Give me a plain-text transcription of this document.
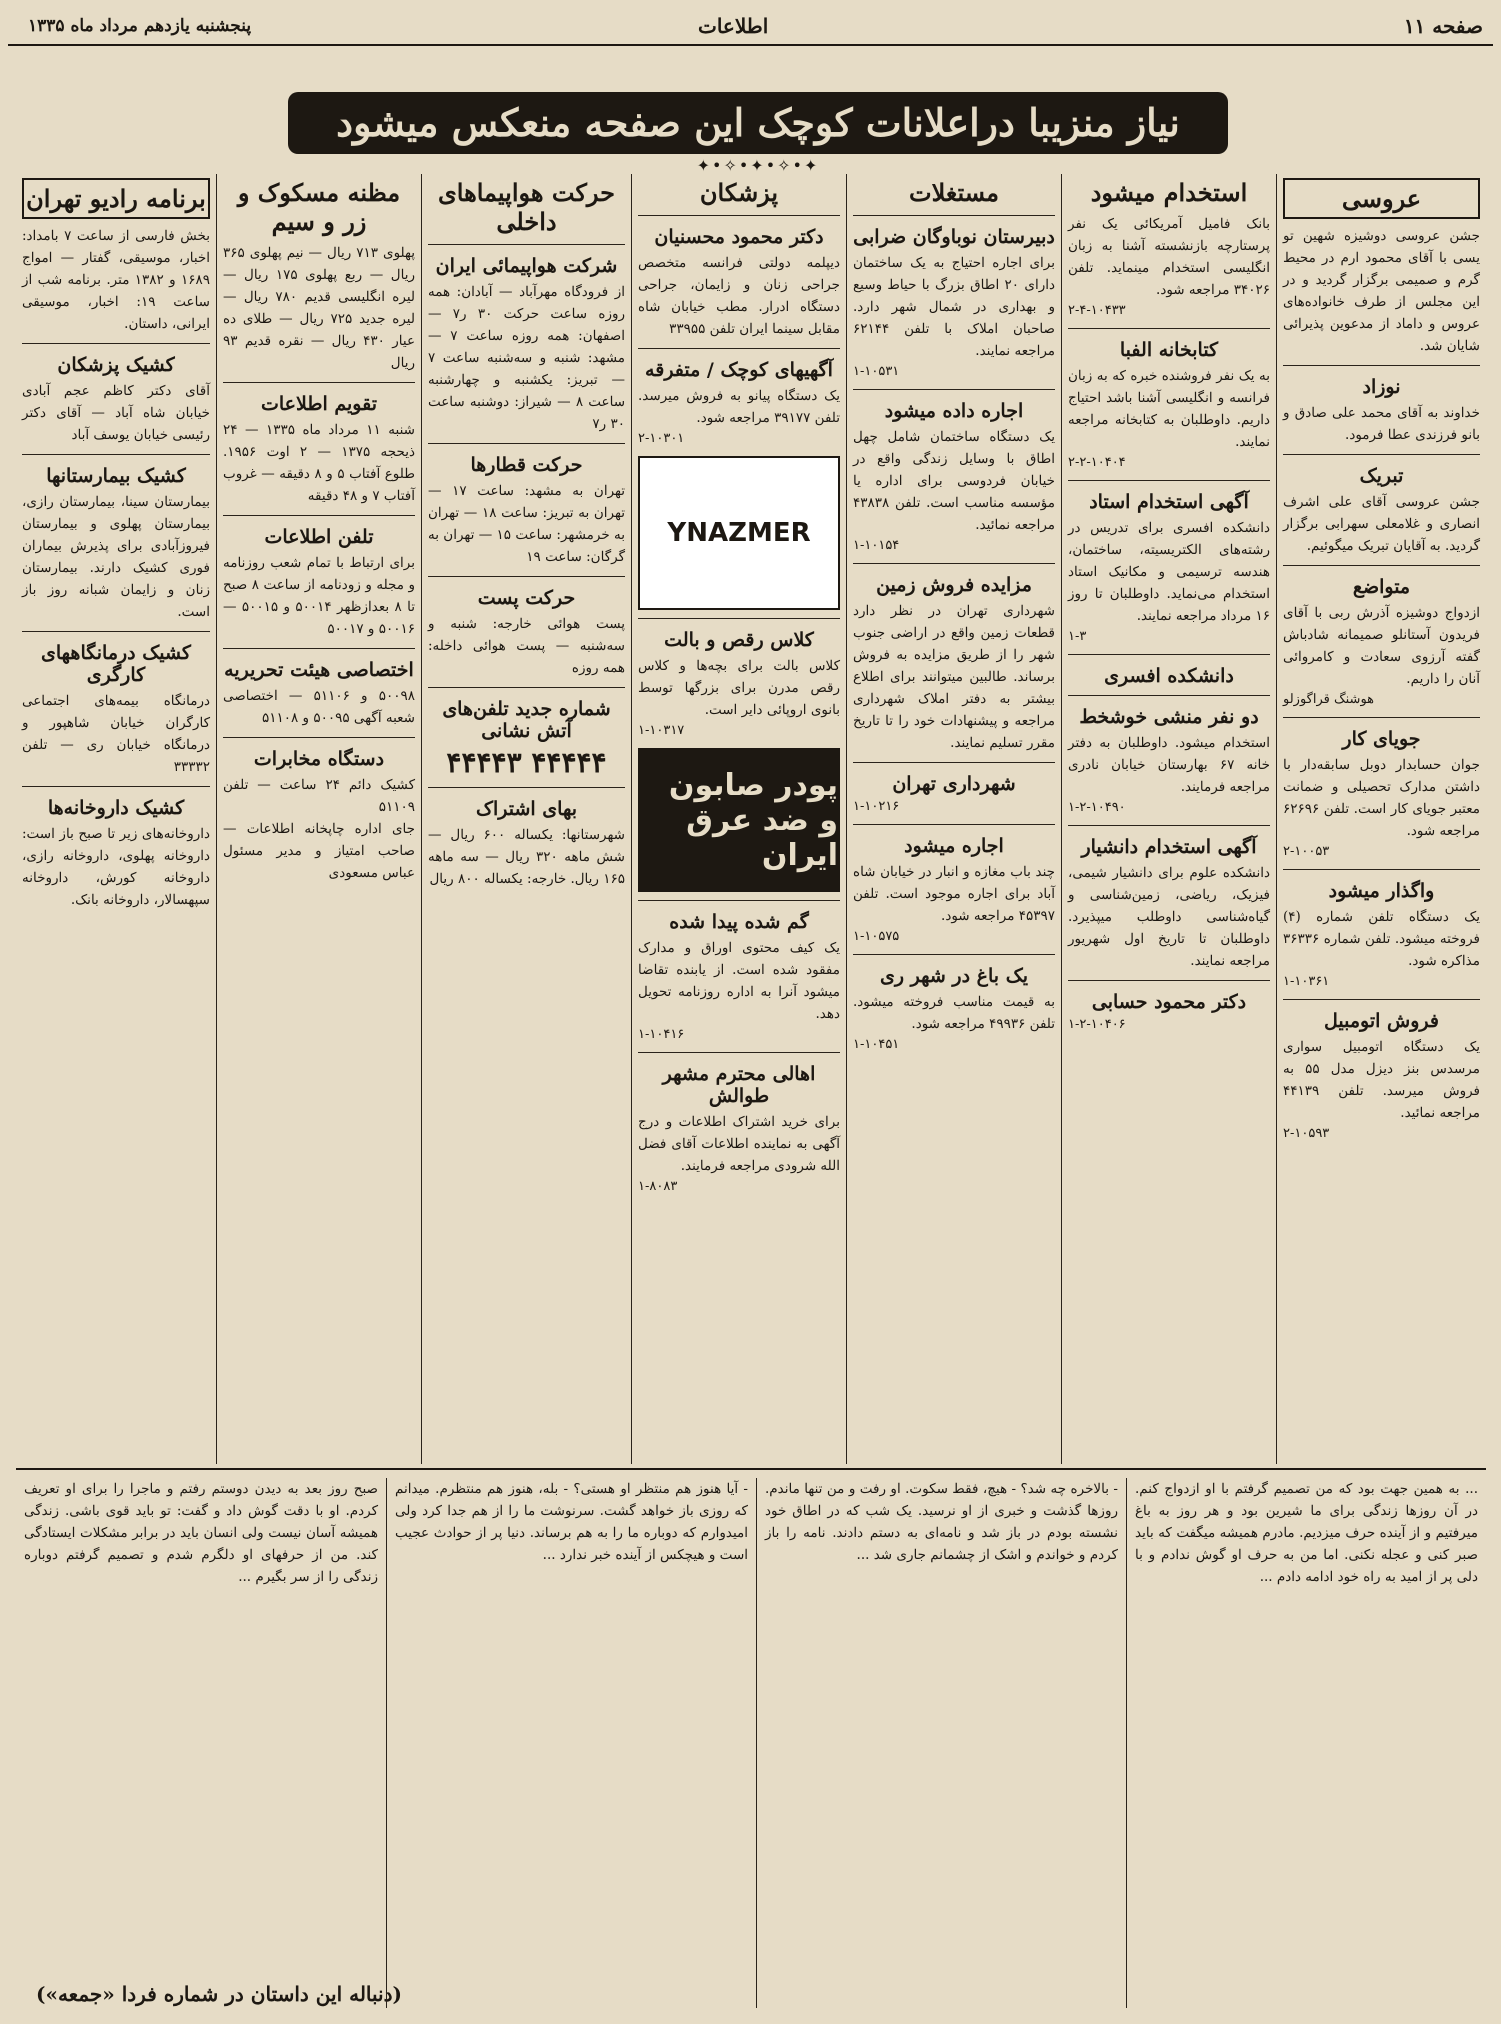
صفحه ۱۱
اطلاعات
پنجشنبه یازدهم مرداد ماه ۱۳۳۵
نیاز منزیبا دراعلانات کوچک این صفحه منعکس میشود
✦•✧•✦•✧•✦
عروسی
جشن عروسی دوشیزه شهین تو یسی با آقای محمود ارم در محیط گرم و صمیمی برگزار گردید و در این مجلس از طرف خانواده‌های عروس و داماد از مدعوین پذیرائی شایان شد.
نوزاد
خداوند به آقای محمد علی صادق و بانو فرزندی عطا فرمود.
تبریک
جشن عروسی آقای علی اشرف انصاری و غلامعلی سهرابی برگزار گردید. به آقایان تبریک میگوئیم.
متواضع
ازدواج دوشیزه آذرش ربی با آقای فریدون آستانلو صمیمانه شادباش گفته آرزوی سعادت و کامروائی آنان را داریم.
هوشنگ قراگوزلو
جویای کار
جوان حسابدار دوبل سابقه‌دار با داشتن مدارک تحصیلی و ضمانت معتبر جویای کار است. تلفن ۶۲۶۹۶ مراجعه شود.
۲-۱۰۰۵۳
واگذار میشود
یک دستگاه تلفن شماره (۴) فروخته میشود. تلفن شماره ۳۶۳۳۶ مذاکره شود.
۱-۱۰۳۶۱
فروش اتومبیل
یک دستگاه اتومبیل سواری مرسدس بنز دیزل مدل ۵۵ به فروش میرسد. تلفن ۴۴۱۳۹ مراجعه نمائید.
۲-۱۰۵۹۳
استخدام میشود
بانک فامیل آمریکائی یک نفر پرستارچه بازنشسته آشنا به زبان انگلیسی استخدام مینماید. تلفن ۳۴۰۲۶ مراجعه شود.
۲-۴-۱۰۴۳۳
کتابخانه الفبا
به یک نفر فروشنده خبره که به زبان فرانسه و انگلیسی آشنا باشد احتیاج داریم. داوطلبان به کتابخانه مراجعه نمایند.
۲-۲-۱۰۴۰۴
آگهی استخدام استاد
دانشکده افسری برای تدریس در رشته‌های الکتریسیته، ساختمان، هندسه ترسیمی و مکانیک استاد استخدام می‌نماید. داوطلبان تا روز ۱۶ مرداد مراجعه نمایند.
۱-۳
دانشکده افسری
دو نفر منشی خوشخط
استخدام میشود. داوطلبان به دفتر خانه ۶۷ بهارستان خیابان نادری مراجعه فرمایند.
۱-۲-۱۰۴۹۰
آگهی استخدام دانشیار
دانشکده علوم برای دانشیار شیمی، فیزیک، ریاضی، زمین‌شناسی و گیاه‌شناسی داوطلب میپذیرد. داوطلبان تا تاریخ اول شهریور مراجعه نمایند.
دکتر محمود حسابی
۱-۲-۱۰۴۰۶
مستغلات
دبیرستان نوباوگان ضرابی
برای اجاره احتیاج به یک ساختمان دارای ۲۰ اطاق بزرگ با حیاط وسیع و بهداری در شمال شهر دارد. صاحبان املاک با تلفن ۶۲۱۴۴ مراجعه نمایند.
۱-۱۰۵۳۱
اجاره داده میشود
یک دستگاه ساختمان شامل چهل اطاق با وسایل زندگی واقع در خیابان فردوسی برای اداره یا مؤسسه مناسب است. تلفن ۴۳۸۳۸ مراجعه نمائید.
۱-۱۰۱۵۴
مزایده فروش زمین
شهرداری تهران در نظر دارد قطعات زمین واقع در اراضی جنوب شهر را از طریق مزایده به فروش برساند. طالبین میتوانند برای اطلاع بیشتر به دفتر املاک شهرداری مراجعه و پیشنهادات خود را تا تاریخ مقرر تسلیم نمایند.
شهرداری تهران
۱-۱۰۲۱۶
اجاره میشود
چند باب مغازه و انبار در خیابان شاه آباد برای اجاره موجود است. تلفن ۴۵۳۹۷ مراجعه شود.
۱-۱۰۵۷۵
یک باغ در شهر ری
به قیمت مناسب فروخته میشود. تلفن ۴۹۹۳۶ مراجعه شود.
۱-۱۰۴۵۱
پزشکان
دکتر محمود محسنیان
دیپلمه دولتی فرانسه متخصص جراحی زنان و زایمان، جراحی دستگاه ادرار. مطب خیابان شاه مقابل سینما ایران تلفن ۳۳۹۵۵
آگهیهای کوچک / متفرقه
یک دستگاه پیانو به فروش میرسد. تلفن ۳۹۱۷۷ مراجعه شود.
۲-۱۰۳۰۱
YNAZMER
کلاس رقص و بالت
کلاس بالت برای بچه‌ها و کلاس رقص مدرن برای بزرگها توسط بانوی اروپائی دایر است.
۱-۱۰۳۱۷
پودر صابون و ضد عرق ایران
گم شده پیدا شده
یک کیف محتوی اوراق و مدارک مفقود شده است. از یابنده تقاضا میشود آنرا به اداره روزنامه تحویل دهد.
۱-۱۰۴۱۶
اهالی محترم مشهر طوالش
برای خرید اشتراک اطلاعات و درج آگهی به نماینده اطلاعات آقای فضل الله شرودی مراجعه فرمایند.
۱-۸۰۸۳
حرکت هواپیماهای داخلی
شرکت هواپیمائی ایران
از فرودگاه مهرآباد — آبادان: همه روزه ساعت حرکت ۳۰ ر۷ — اصفهان: همه روزه ساعت ۷ — مشهد: شنبه و سه‌شنبه ساعت ۷ — تبریز: یکشنبه و چهارشنبه ساعت ۸ — شیراز: دوشنبه ساعت ۳۰ ر۷
حرکت قطارها
تهران به مشهد: ساعت ۱۷ — تهران به تبریز: ساعت ۱۸ — تهران به خرمشهر: ساعت ۱۵ — تهران به گرگان: ساعت ۱۹
حرکت پست
پست هوائی خارجه: شنبه و سه‌شنبه — پست هوائی داخله: همه روزه
شماره جدید تلفن‌های آتش نشانی
۴۴۴۴۴ ۴۴۴۴۳
بهای اشتراک
شهرستانها: یکساله ۶۰۰ ریال — شش ماهه ۳۲۰ ریال — سه ماهه ۱۶۵ ریال. خارجه: یکساله ۸۰۰ ریال
مظنه مسکوک و زر و سیم
پهلوی ۷۱۳ ریال — نیم پهلوی ۳۶۵ ریال — ربع پهلوی ۱۷۵ ریال — لیره انگلیسی قدیم ۷۸۰ ریال — لیره جدید ۷۲۵ ریال — طلای ده عیار ۴۳۰ ریال — نقره قدیم ۹۳ ریال
تقویم اطلاعات
شنبه ۱۱ مرداد ماه ۱۳۳۵ — ۲۴ ذیحجه ۱۳۷۵ — ۲ اوت ۱۹۵۶. طلوع آفتاب ۵ و ۸ دقیقه — غروب آفتاب ۷ و ۴۸ دقیقه
تلفن اطلاعات
برای ارتباط با تمام شعب روزنامه و مجله و زودنامه از ساعت ۸ صبح تا ۸ بعدازظهر ۵۰۰۱۴ و ۵۰۰۱۵ — ۵۰۰۱۶ و ۵۰۰۱۷
اختصاصی هیئت تحریریه
۵۰۰۹۸ و ۵۱۱۰۶ — اختصاصی شعبه آگهی ۵۰۰۹۵ و ۵۱۱۰۸
دستگاه مخابرات
کشیک دائم ۲۴ ساعت — تلفن ۵۱۱۰۹
جای اداره چاپخانه اطلاعات — صاحب امتیاز و مدیر مسئول عباس مسعودی
برنامه رادیو تهران
بخش فارسی از ساعت ۷ بامداد: اخبار، موسیقی، گفتار — امواج ۱۶۸۹ و ۱۳۸۲ متر. برنامه شب از ساعت ۱۹: اخبار، موسیقی ایرانی، داستان.
کشیک پزشکان
آقای دکتر کاظم عجم آبادی خیابان شاه آباد — آقای دکتر رئیسی خیابان یوسف آباد
کشیک بیمارستانها
بیمارستان سینا، بیمارستان رازی، بیمارستان پهلوی و بیمارستان فیروزآبادی برای پذیرش بیماران فوری کشیک دارند. بیمارستان زنان و زایمان شبانه روز باز است.
کشیک درمانگاههای کارگری
درمانگاه بیمه‌های اجتماعی کارگران خیابان شاهپور و درمانگاه خیابان ری — تلفن ۳۳۳۳۲
کشیک داروخانه‌ها
داروخانه‌های زیر تا صبح باز است: داروخانه پهلوی، داروخانه رازی، داروخانه کورش، داروخانه سپهسالار، داروخانه بانک.
(دنباله این داستان در شماره فردا «جمعه»)
... به همین جهت بود که من تصمیم گرفتم با او ازدواج کنم. در آن روزها زندگی برای ما شیرین بود و هر روز به باغ میرفتیم و از آینده حرف میزدیم. مادرم همیشه میگفت که باید صبر کنی و عجله نکنی. اما من به حرف او گوش ندادم و با دلی پر از امید به راه خود ادامه دادم ...
- بالاخره چه شد؟ - هیچ، فقط سکوت. او رفت و من تنها ماندم. روزها گذشت و خبری از او نرسید. یک شب که در اطاق خود نشسته بودم در باز شد و نامه‌ای به دستم دادند. نامه را باز کردم و خواندم و اشک از چشمانم جاری شد ...
- آیا هنوز هم منتظر او هستی؟ - بله، هنوز هم منتظرم. میدانم که روزی باز خواهد گشت. سرنوشت ما را از هم جدا کرد ولی امیدوارم که دوباره ما را به هم برساند. دنیا پر از حوادث عجیب است و هیچکس از آینده خبر ندارد ...
صبح روز بعد به دیدن دوستم رفتم و ماجرا را برای او تعریف کردم. او با دقت گوش داد و گفت: تو باید قوی باشی. زندگی همیشه آسان نیست ولی انسان باید در برابر مشکلات ایستادگی کند. من از حرفهای او دلگرم شدم و تصمیم گرفتم دوباره زندگی را از سر بگیرم ...
